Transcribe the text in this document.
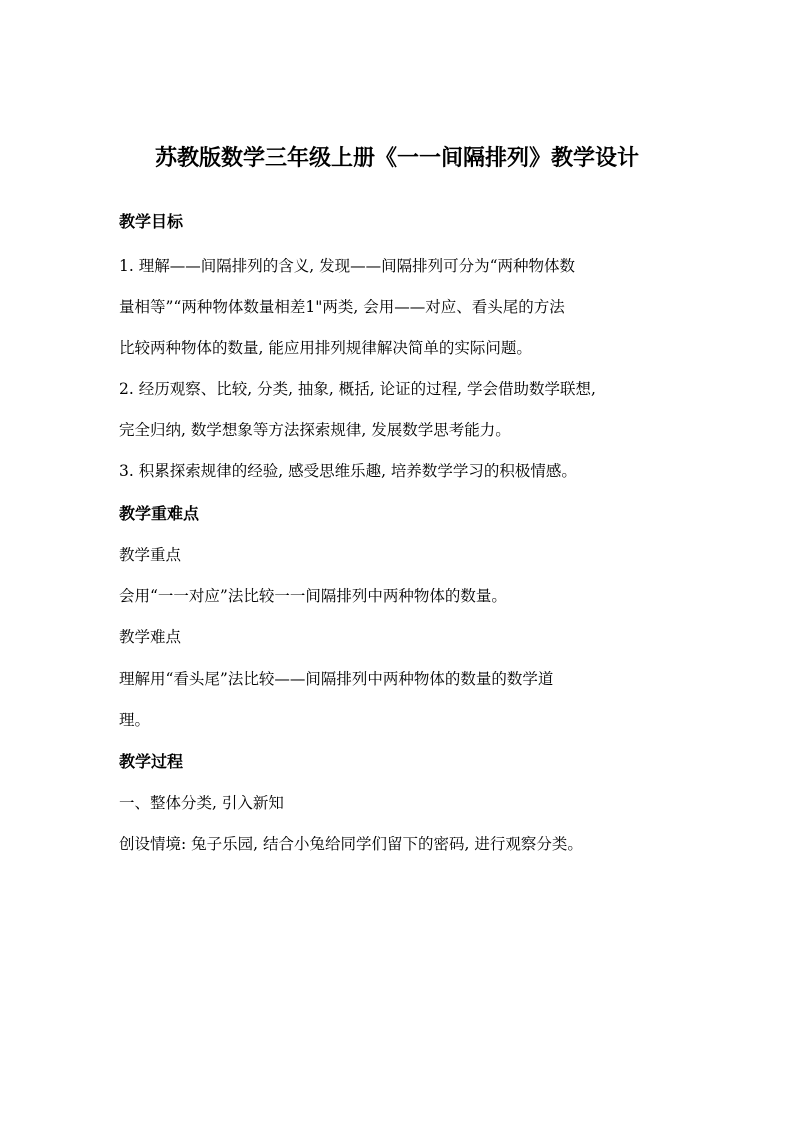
苏教版数学三年级上册《一一间隔排列》教学设计
教学目标
1. 理解——间隔排列的含义, 发现——间隔排列可分为“两种物体数
量相等”“两种物体数量相差1"两类, 会用——对应、看头尾的方法
比较两种物体的数量, 能应用排列规律解决简单的实际问题。
2. 经历观察、比较, 分类, 抽象, 概括, 论证的过程, 学会借助数学联想,
完全归纳, 数学想象等方法探索规律, 发展数学思考能力。
3. 积累探索规律的经验, 感受思维乐趣, 培养数学学习的积极情感。
教学重难点
教学重点
会用“一一对应”法比较一一间隔排列中两种物体的数量。
教学难点
理解用“看头尾”法比较——间隔排列中两种物体的数量的数学道
理。
教学过程
一、整体分类, 引入新知
创设情境: 兔子乐园, 结合小兔给同学们留下的密码, 进行观察分类。
